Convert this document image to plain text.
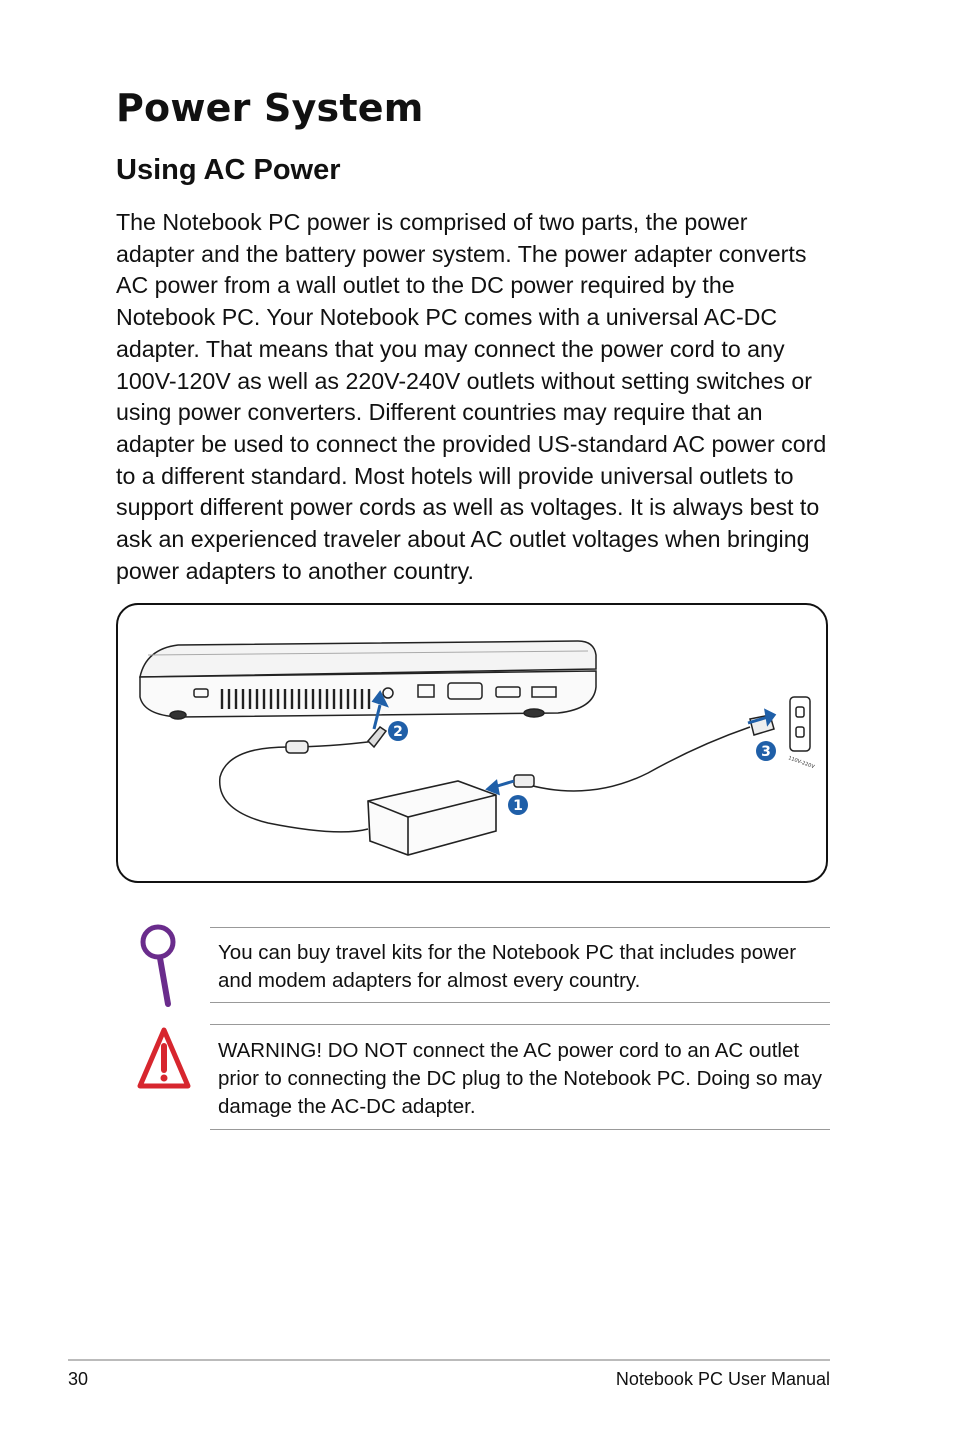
Power System
Using AC Power

The Notebook PC power is comprised of two parts, the power adapter and the battery power system. The power adapter converts AC power from a wall outlet to the DC power required by the Notebook PC. Your Notebook PC comes with a universal AC-DC adapter. That means that you may connect the power cord to any 100V-120V as well as 220V-240V outlets without setting switches or using power converters. Different countries may require that an adapter be used to connect the provided US-standard AC power cord to a different standard. Most hotels will provide universal outlets to support different power cords as well as voltages. It is always best to ask an experienced traveler about AC outlet voltages when bringing power adapters to another country.

1
2
3
110V-220V

You can buy travel kits for the Notebook PC that includes power and modem adapters for almost every country.

WARNING! DO NOT connect the AC power cord to an AC outlet prior to connecting the DC plug to the Notebook PC. Doing so may damage the AC-DC adapter.

30	Notebook PC User Manual
